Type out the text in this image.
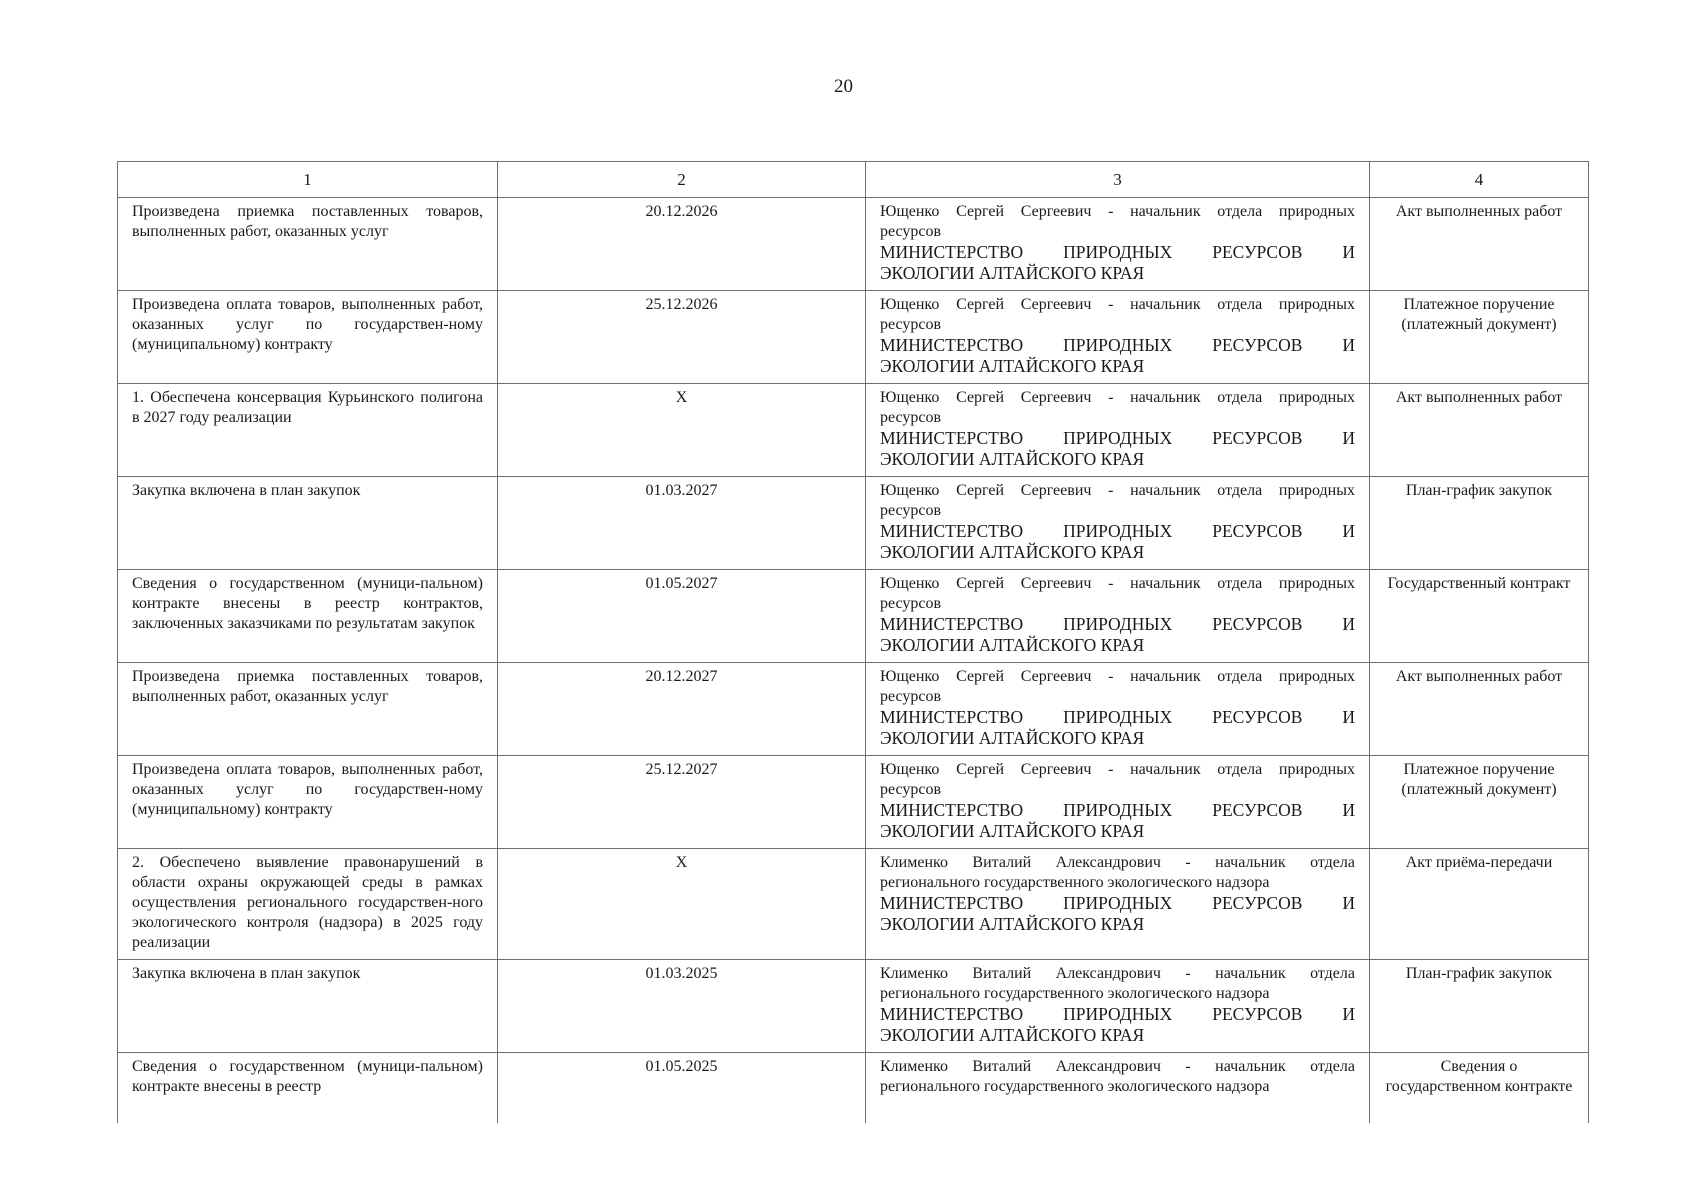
20
1	2	3	4
Произведена приемка поставленных товаров, выполненных работ, оказанных услуг	20.12.2026	Ющенко Сергей Сергеевич - начальник отдела природных
ресурсов
МИНИСТЕРСТВО ПРИРОДНЫХ РЕСУРСОВ И
ЭКОЛОГИИ АЛТАЙСКОГО КРАЯ	Акт выполненных работ
Произведена оплата товаров, выполненных работ, оказанных услуг по государствен-ному (муниципальному) контракту	25.12.2026	Ющенко Сергей Сергеевич - начальник отдела природных
ресурсов
МИНИСТЕРСТВО ПРИРОДНЫХ РЕСУРСОВ И
ЭКОЛОГИИ АЛТАЙСКОГО КРАЯ	Платежное поручение (платежный документ)
1. Обеспечена консервация Курьинского полигона в 2027 году реализации	X	Ющенко Сергей Сергеевич - начальник отдела природных
ресурсов
МИНИСТЕРСТВО ПРИРОДНЫХ РЕСУРСОВ И
ЭКОЛОГИИ АЛТАЙСКОГО КРАЯ	Акт выполненных работ
Закупка включена в план закупок	01.03.2027	Ющенко Сергей Сергеевич - начальник отдела природных
ресурсов
МИНИСТЕРСТВО ПРИРОДНЫХ РЕСУРСОВ И
ЭКОЛОГИИ АЛТАЙСКОГО КРАЯ	План-график закупок
Сведения о государственном (муници-пальном) контракте внесены в реестр контрактов, заключенных заказчиками по результатам закупок	01.05.2027	Ющенко Сергей Сергеевич - начальник отдела природных
ресурсов
МИНИСТЕРСТВО ПРИРОДНЫХ РЕСУРСОВ И
ЭКОЛОГИИ АЛТАЙСКОГО КРАЯ	Государственный контракт
Произведена приемка поставленных товаров, выполненных работ, оказанных услуг	20.12.2027	Ющенко Сергей Сергеевич - начальник отдела природных
ресурсов
МИНИСТЕРСТВО ПРИРОДНЫХ РЕСУРСОВ И
ЭКОЛОГИИ АЛТАЙСКОГО КРАЯ	Акт выполненных работ
Произведена оплата товаров, выполненных работ, оказанных услуг по государствен-ному (муниципальному) контракту	25.12.2027	Ющенко Сергей Сергеевич - начальник отдела природных
ресурсов
МИНИСТЕРСТВО ПРИРОДНЫХ РЕСУРСОВ И
ЭКОЛОГИИ АЛТАЙСКОГО КРАЯ	Платежное поручение (платежный документ)
2. Обеспечено выявление правонарушений в области охраны окружающей среды в рамках осуществления регионального государствен-ного экологического контроля (надзора) в 2025 году реализации	X	Клименко Виталий Александрович - начальник отдела
регионального государственного экологического надзора
МИНИСТЕРСТВО ПРИРОДНЫХ РЕСУРСОВ И
ЭКОЛОГИИ АЛТАЙСКОГО КРАЯ	Акт приёма-передачи
Закупка включена в план закупок	01.03.2025	Клименко Виталий Александрович - начальник отдела
регионального государственного экологического надзора
МИНИСТЕРСТВО ПРИРОДНЫХ РЕСУРСОВ И
ЭКОЛОГИИ АЛТАЙСКОГО КРАЯ	План-график закупок
Сведения о государственном (муници-пальном) контракте внесены в реестр	01.05.2025	Клименко Виталий Александрович - начальник отдела
регионального государственного экологического надзора	Сведения о государственном контракте
